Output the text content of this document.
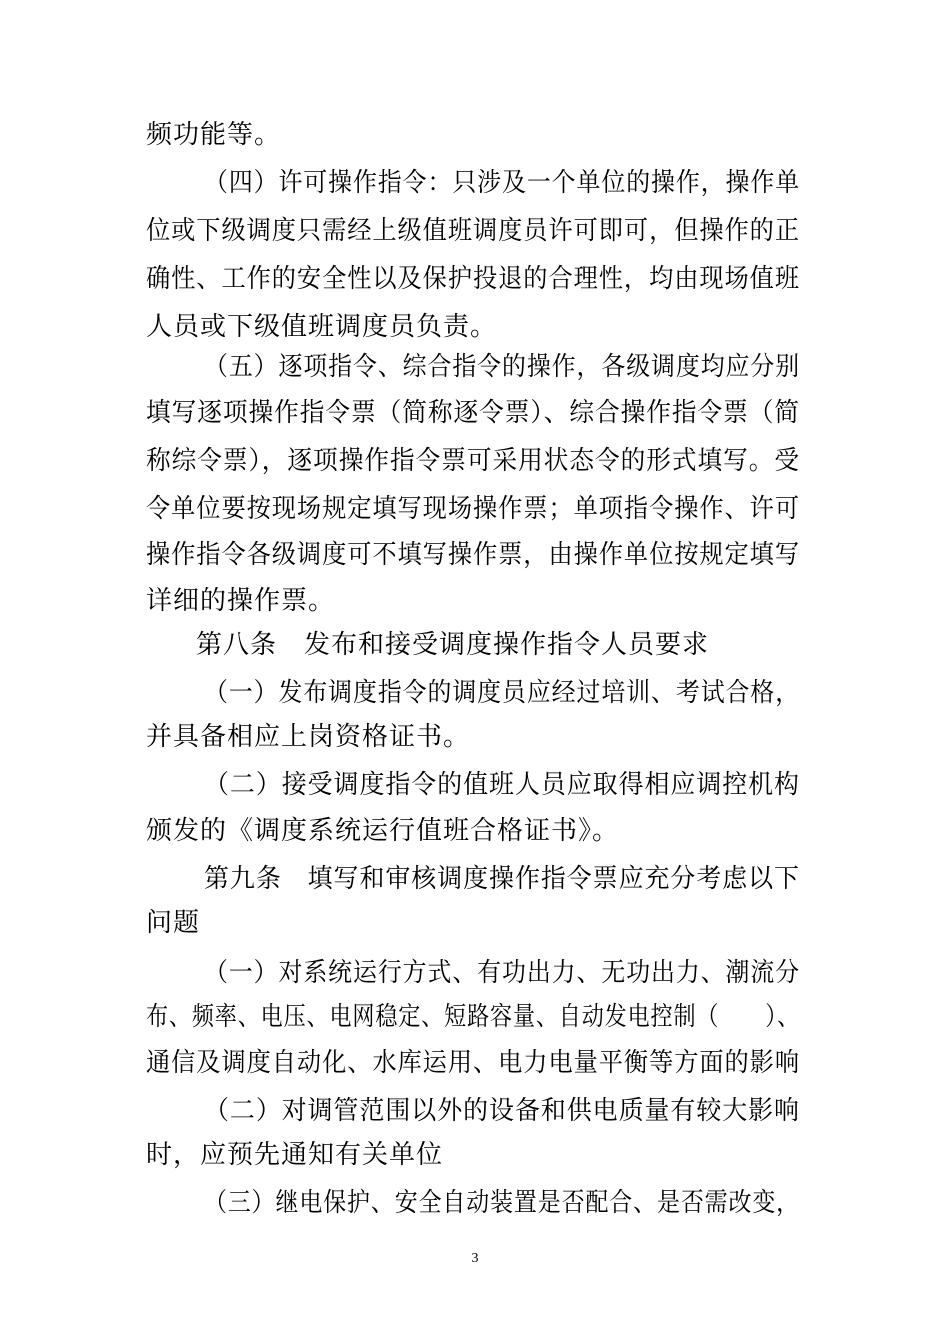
频功能等。
（四）许可操作指令：只涉及一个单位的操作，操作单
位或下级调度只需经上级值班调度员许可即可，但操作的正
确性、工作的安全性以及保护投退的合理性，均由现场值班
人员或下级值班调度员负责。
（五）逐项指令、综合指令的操作，各级调度均应分别
填写逐项操作指令票（简称逐令票）、综合操作指令票（简
称综令票），逐项操作指令票可采用状态令的形式填写。受
令单位要按现场规定填写现场操作票；单项指令操作、许可
操作指令各级调度可不填写操作票，由操作单位按规定填写
详细的操作票。
第八条　发布和接受调度操作指令人员要求
（一）发布调度指令的调度员应经过培训、考试合格，
并具备相应上岗资格证书。
（二）接受调度指令的值班人员应取得相应调控机构
颁发的《调度系统运行值班合格证书》。
第九条　填写和审核调度操作指令票应充分考虑以下
问题
（一）对系统运行方式、有功出力、无功出力、潮流分
布、频率、电压、电网稳定、短路容量、自动发电控制（　　）、
通信及调度自动化、水库运用、电力电量平衡等方面的影响
（二）对调管范围以外的设备和供电质量有较大影响
时，应预先通知有关单位
（三）继电保护、安全自动装置是否配合、是否需改变，
3
